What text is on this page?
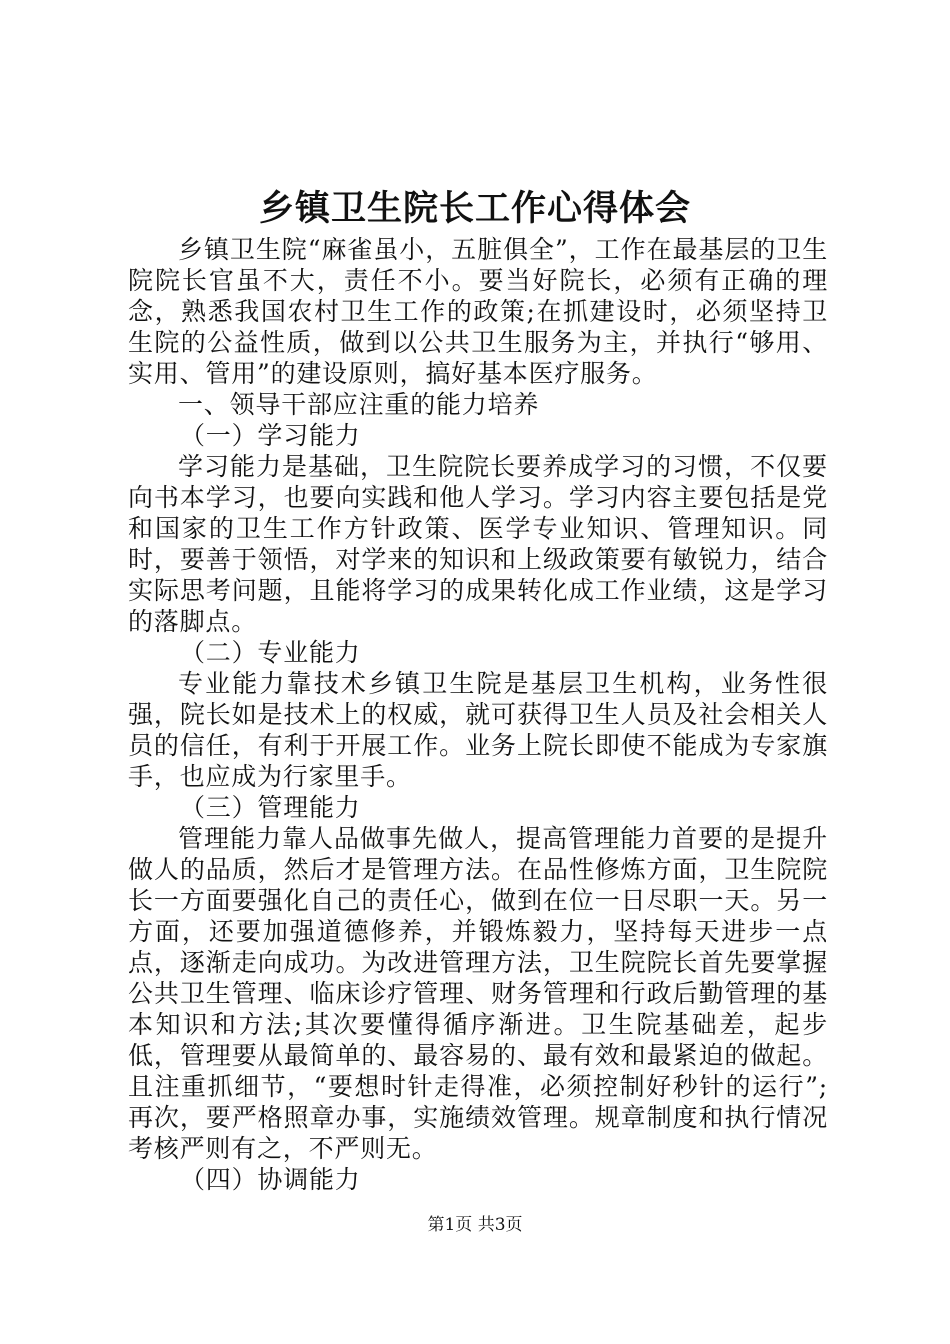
乡镇卫生院长工作心得体会

乡镇卫生院“麻雀虽小，五脏俱全”，工作在最基层的卫生院院长官虽不大，责任不小。要当好院长，必须有正确的理念，熟悉我国农村卫生工作的政策;在抓建设时，必须坚持卫生院的公益性质，做到以公共卫生服务为主，并执行“够用、实用、管用”的建设原则，搞好基本医疗服务。

一、领导干部应注重的能力培养

（一）学习能力

学习能力是基础，卫生院院长要养成学习的习惯，不仅要向书本学习，也要向实践和他人学习。学习内容主要包括是党和国家的卫生工作方针政策、医学专业知识、管理知识。同时，要善于领悟，对学来的知识和上级政策要有敏锐力，结合实际思考问题，且能将学习的成果转化成工作业绩，这是学习的落脚点。

（二）专业能力

专业能力靠技术乡镇卫生院是基层卫生机构，业务性很强，院长如是技术上的权威，就可获得卫生人员及社会相关人员的信任，有利于开展工作。业务上院长即使不能成为专家旗手，也应成为行家里手。

（三）管理能力

管理能力靠人品做事先做人，提高管理能力首要的是提升做人的品质，然后才是管理方法。在品性修炼方面，卫生院院长一方面要强化自己的责任心，做到在位一日尽职一天。另一方面，还要加强道德修养，并锻炼毅力，坚持每天进步一点点，逐渐走向成功。为改进管理方法，卫生院院长首先要掌握公共卫生管理、临床诊疗管理、财务管理和行政后勤管理的基本知识和方法;其次要懂得循序渐进。卫生院基础差，起步低，管理要从最简单的、最容易的、最有效和最紧迫的做起。且注重抓细节，“要想时针走得准，必须控制好秒针的运行”;再次，要严格照章办事，实施绩效管理。规章制度和执行情况考核严则有之，不严则无。

（四）协调能力

第1页 共3页
